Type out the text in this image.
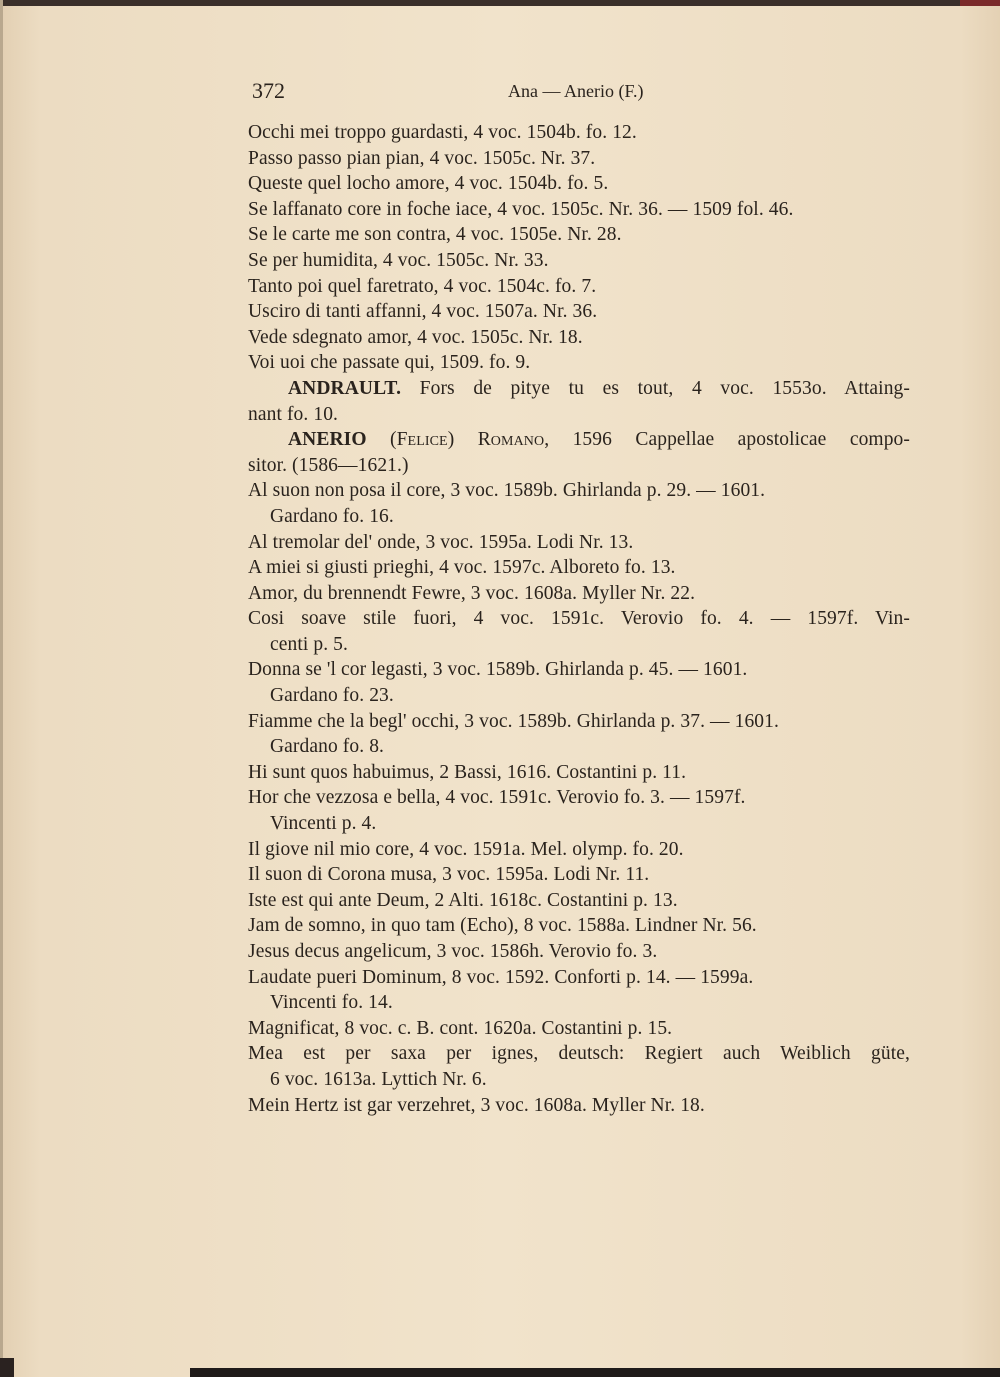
372	Ana — Anerio (F.)
Occhi mei troppo guardasti, 4 voc. 1504b. fo. 12.
Passo passo pian pian, 4 voc. 1505c. Nr. 37.
Queste quel locho amore, 4 voc. 1504b. fo. 5.
Se laffanato core in foche iace, 4 voc. 1505c. Nr. 36. — 1509 fol. 46.
Se le carte me son contra, 4 voc. 1505e. Nr. 28.
Se per humidita, 4 voc. 1505c. Nr. 33.
Tanto poi quel faretrato, 4 voc. 1504c. fo. 7.
Usciro di tanti affanni, 4 voc. 1507a. Nr. 36.
Vede sdegnato amor, 4 voc. 1505c. Nr. 18.
Voi uoi che passate qui, 1509. fo. 9.
ANDRAULT. Fors de pitye tu es tout, 4 voc. 1553o. Attaing-
nant fo. 10.
ANERIO (Felice) Romano, 1596 Cappellae apostolicae compo-
sitor. (1586—1621.)
Al suon non posa il core, 3 voc. 1589b. Ghirlanda p. 29. — 1601.
Gardano fo. 16.
Al tremolar del' onde, 3 voc. 1595a. Lodi Nr. 13.
A miei si giusti prieghi, 4 voc. 1597c. Alboreto fo. 13.
Amor, du brennendt Fewre, 3 voc. 1608a. Myller Nr. 22.
Cosi soave stile fuori, 4 voc. 1591c. Verovio fo. 4. — 1597f. Vin-
centi p. 5.
Donna se 'l cor legasti, 3 voc. 1589b. Ghirlanda p. 45. — 1601.
Gardano fo. 23.
Fiamme che la begl' occhi, 3 voc. 1589b. Ghirlanda p. 37. — 1601.
Gardano fo. 8.
Hi sunt quos habuimus, 2 Bassi, 1616. Costantini p. 11.
Hor che vezzosa e bella, 4 voc. 1591c. Verovio fo. 3. — 1597f.
Vincenti p. 4.
Il giove nil mio core, 4 voc. 1591a. Mel. olymp. fo. 20.
Il suon di Corona musa, 3 voc. 1595a. Lodi Nr. 11.
Iste est qui ante Deum, 2 Alti. 1618c. Costantini p. 13.
Jam de somno, in quo tam (Echo), 8 voc. 1588a. Lindner Nr. 56.
Jesus decus angelicum, 3 voc. 1586h. Verovio fo. 3.
Laudate pueri Dominum, 8 voc. 1592. Conforti p. 14. — 1599a.
Vincenti fo. 14.
Magnificat, 8 voc. c. B. cont. 1620a. Costantini p. 15.
Mea est per saxa per ignes, deutsch: Regiert auch Weiblich güte,
6 voc. 1613a. Lyttich Nr. 6.
Mein Hertz ist gar verzehret, 3 voc. 1608a. Myller Nr. 18.
